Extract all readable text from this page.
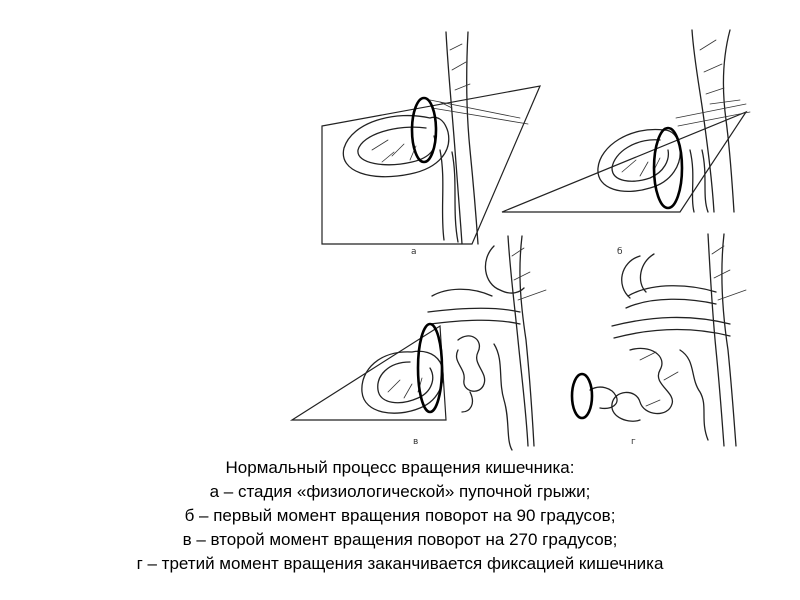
а	б
в	г
Нормальный процесс вращения кишечника:
а – стадия «физиологической» пупочной грыжи;
б – первый момент вращения поворот на 90 градусов;
в – второй момент вращения поворот на 270 градусов;
г – третий момент вращения заканчивается фиксацией кишечника
